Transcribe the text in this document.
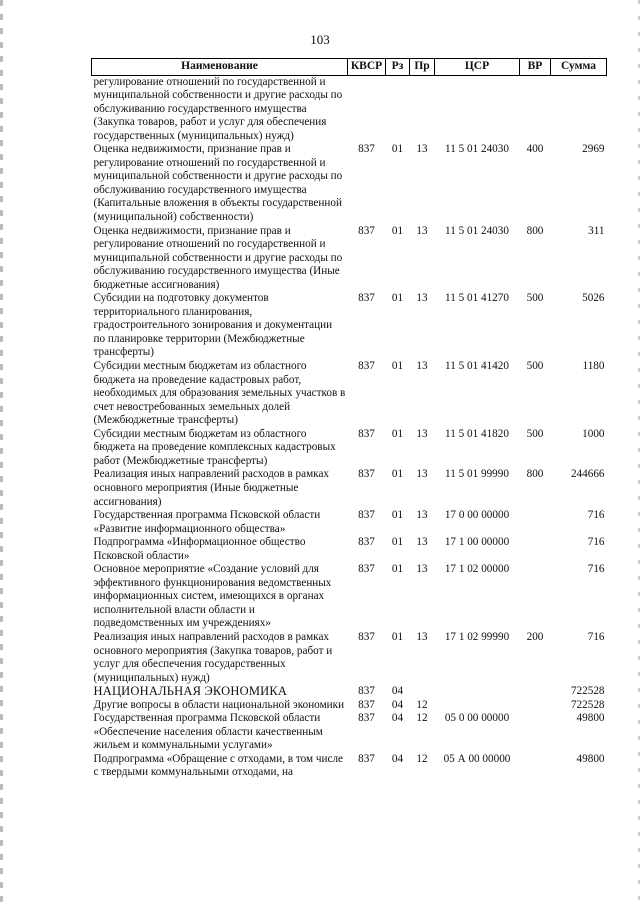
103
Наименование	КВСР	Рз	Пр	ЦСР	ВР	Сумма
регулирование отношений по государственной и муниципальной собственности и другие расходы по обслуживанию государственного имущества (Закупка товаров, работ и услуг для обеспечения государственных (муниципальных) нужд)						
Оценка недвижимости, признание прав и регулирование отношений по государственной и муниципальной собственности и другие расходы по обслуживанию государственного имущества (Капитальные вложения в объекты государственной (муниципальной) собственности)	837	01	13	11 5 01 24030	400	2969
Оценка недвижимости, признание прав и регулирование отношений по государственной и муниципальной собственности и другие расходы по обслуживанию государственного имущества (Иные бюджетные ассигнования)	837	01	13	11 5 01 24030	800	311
Субсидии на подготовку документов территориального планирования, градостроительного зонирования и документации по планировке территории (Межбюджетные трансферты)	837	01	13	11 5 01 41270	500	5026
Субсидии местным бюджетам из областного бюджета на проведение кадастровых работ, необходимых для образования земельных участков в счет невостребованных земельных долей (Межбюджетные трансферты)	837	01	13	11 5 01 41420	500	1180
Субсидии местным бюджетам из областного бюджета на проведение комплексных кадастровых работ (Межбюджетные трансферты)	837	01	13	11 5 01 41820	500	1000
Реализация иных направлений расходов в рамках основного мероприятия (Иные бюджетные ассигнования)	837	01	13	11 5 01 99990	800	244666
Государственная программа Псковской области «Развитие информационного общества»	837	01	13	17 0 00 00000		716
Подпрограмма «Информационное общество Псковской области»	837	01	13	17 1 00 00000		716
Основное мероприятие «Создание условий для эффективного функционирования ведомственных информационных систем, имеющихся в органах исполнительной власти области и подведомственных им учреждениях»	837	01	13	17 1 02 00000		716
Реализация иных направлений расходов в рамках основного мероприятия (Закупка товаров, работ и услуг для обеспечения государственных (муниципальных) нужд)	837	01	13	17 1 02 99990	200	716
НАЦИОНАЛЬНАЯ ЭКОНОМИКА	837	04				722528
Другие вопросы в области национальной экономики	837	04	12			722528
Государственная программа Псковской области «Обеспечение населения области качественным жильем и коммунальными услугами»	837	04	12	05 0 00 00000		49800
Подпрограмма «Обращение с отходами, в том числе с твердыми коммунальными отходами, на	837	04	12	05 А 00 00000		49800
